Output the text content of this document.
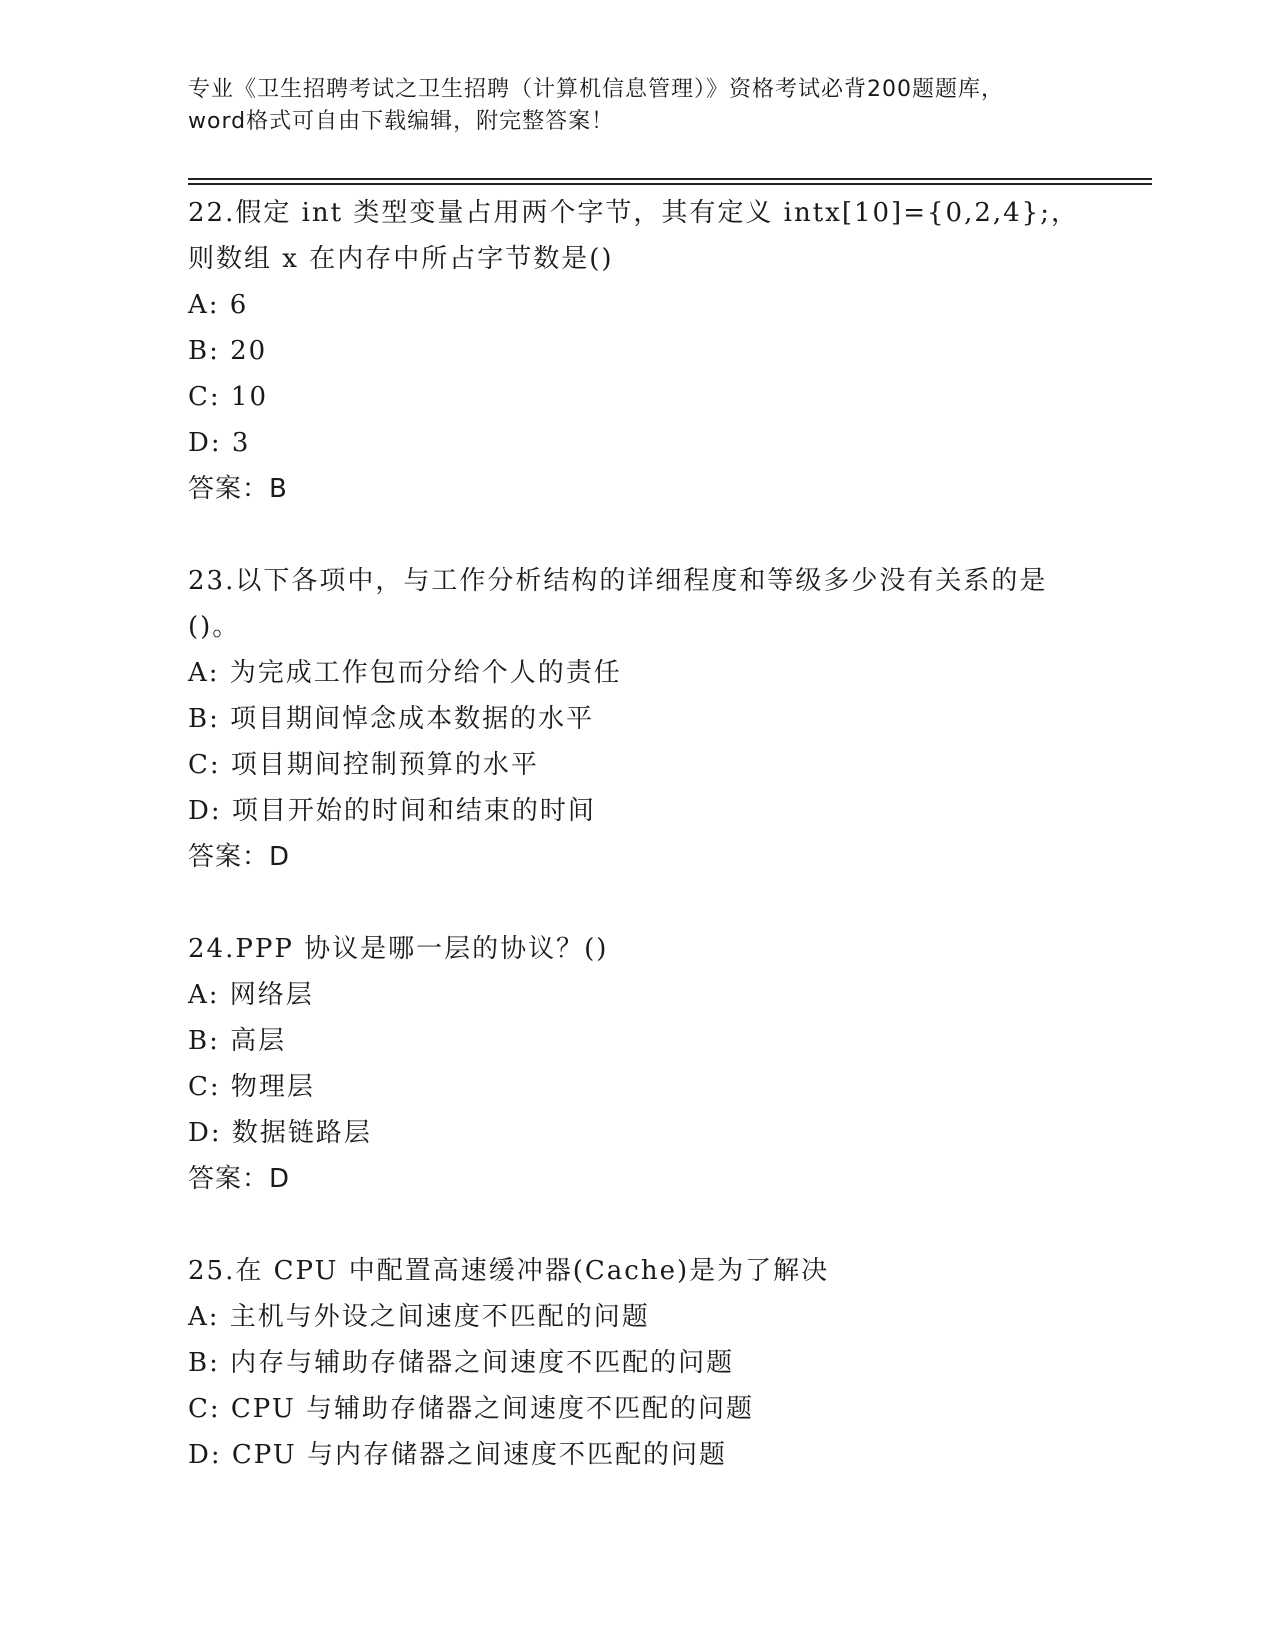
专业《卫生招聘考试之卫生招聘（计算机信息管理）》资格考试必背200题题库，
word格式可自由下载编辑，附完整答案！
22.假定 int 类型变量占用两个字节，其有定义 intx[10]={0,2,4};，
则数组 x 在内存中所占字节数是()
A: 6
B: 20
C: 10
D: 3
答案：B
23.以下各项中，与工作分析结构的详细程度和等级多少没有关系的是
()。
A: 为完成工作包而分给个人的责任
B: 项目期间悼念成本数据的水平
C: 项目期间控制预算的水平
D: 项目开始的时间和结束的时间
答案：D
24.PPP 协议是哪一层的协议？()
A: 网络层
B: 高层
C: 物理层
D: 数据链路层
答案：D
25.在 CPU 中配置高速缓冲器(Cache)是为了解决
A: 主机与外设之间速度不匹配的问题
B: 内存与辅助存储器之间速度不匹配的问题
C: CPU 与辅助存储器之间速度不匹配的问题
D: CPU 与内存储器之间速度不匹配的问题
